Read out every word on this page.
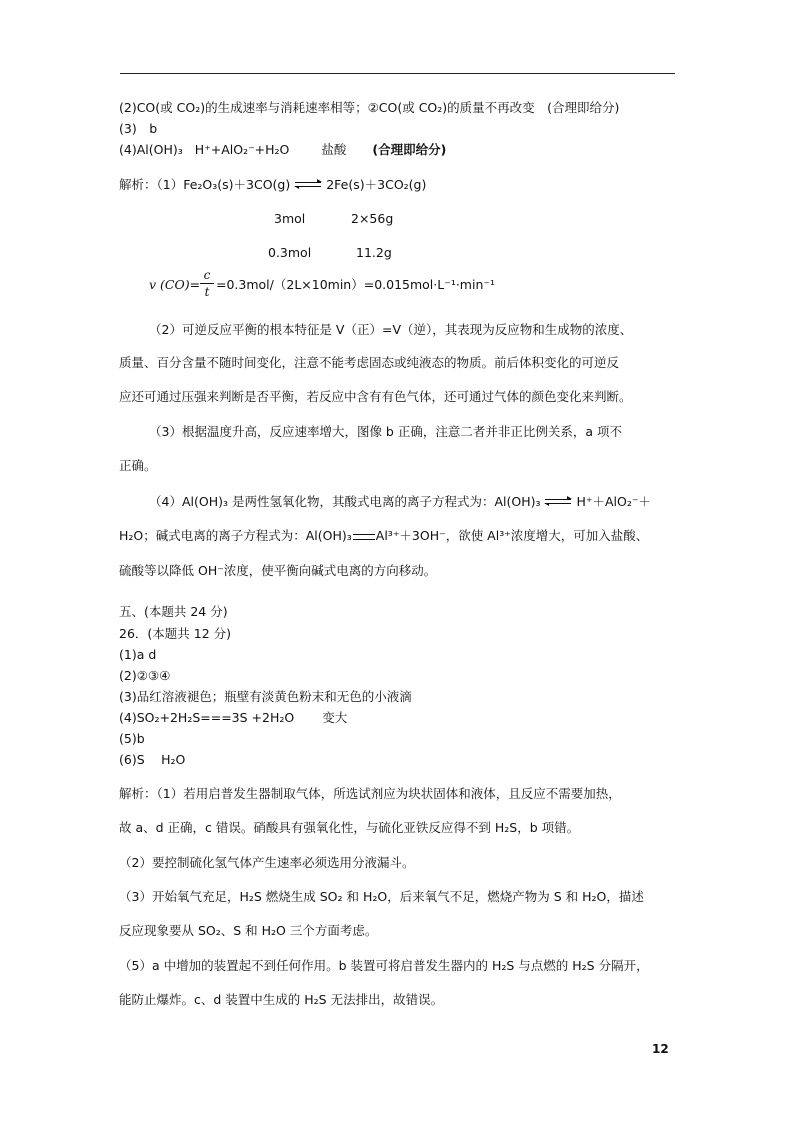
(2)CO(或 CO₂)的生成速率与消耗速率相等；②CO(或 CO₂)的质量不再改变　(合理即给分)
(3)　b
(4)Al(OH)₃ H⁺+AlO₂⁻+H₂O	盐酸 (合理即给分)
解析：（1）Fe₂O₃(s)＋3CO(g) ⇌ 2Fe(s)＋3CO₂(g)
3mol	2×56g
0.3mol	11.2g
v (CO)=
c
t =0.3mol/（2L×10min）=0.015mol·L⁻¹·min⁻¹
（2）可逆反应平衡的根本特征是 V（正）=V（逆），其表现为反应物和生成物的浓度、
质量、百分含量不随时间变化，注意不能考虑固态或纯液态的物质。前后体积变化的可逆反
应还可通过压强来判断是否平衡，若反应中含有有色气体，还可通过气体的颜色变化来判断。
（3）根据温度升高，反应速率增大，图像 b 正确，注意二者并非正比例关系，a 项不
正确。
（4）Al(OH)₃ 是两性氢氧化物，其酸式电离的离子方程式为：Al(OH)₃ ⇌ H⁺＋AlO₂⁻＋
H₂O；碱式电离的离子方程式为：Al(OH)₃ Al³⁺＋3OH⁻，欲使 Al³⁺浓度增大，可加入盐酸、
硫酸等以降低 OH⁻浓度，使平衡向碱式电离的方向移动。
五、(本题共 24 分)
26．(本题共 12 分)
(1)a d
(2)②③④
(3)品红溶液褪色；瓶壁有淡黄色粉末和无色的小液滴
(4)SO₂+2H₂S===3S +2H₂O 变大
(5)b
(6)S　 H₂O
解析：（1）若用启普发生器制取气体，所选试剂应为块状固体和液体，且反应不需要加热，
故 a、d 正确，c 错误。硝酸具有强氧化性，与硫化亚铁反应得不到 H₂S，b 项错。
（2）要控制硫化氢气体产生速率必须选用分液漏斗。
（3）开始氧气充足，H₂S 燃烧生成 SO₂ 和 H₂O，后来氧气不足，燃烧产物为 S 和 H₂O，描述
反应现象要从 SO₂、S 和 H₂O 三个方面考虑。
（5）a 中增加的装置起不到任何作用。b 装置可将启普发生器内的 H₂S 与点燃的 H₂S 分隔开，
能防止爆炸。c、d 装置中生成的 H₂S 无法排出，故错误。
12
